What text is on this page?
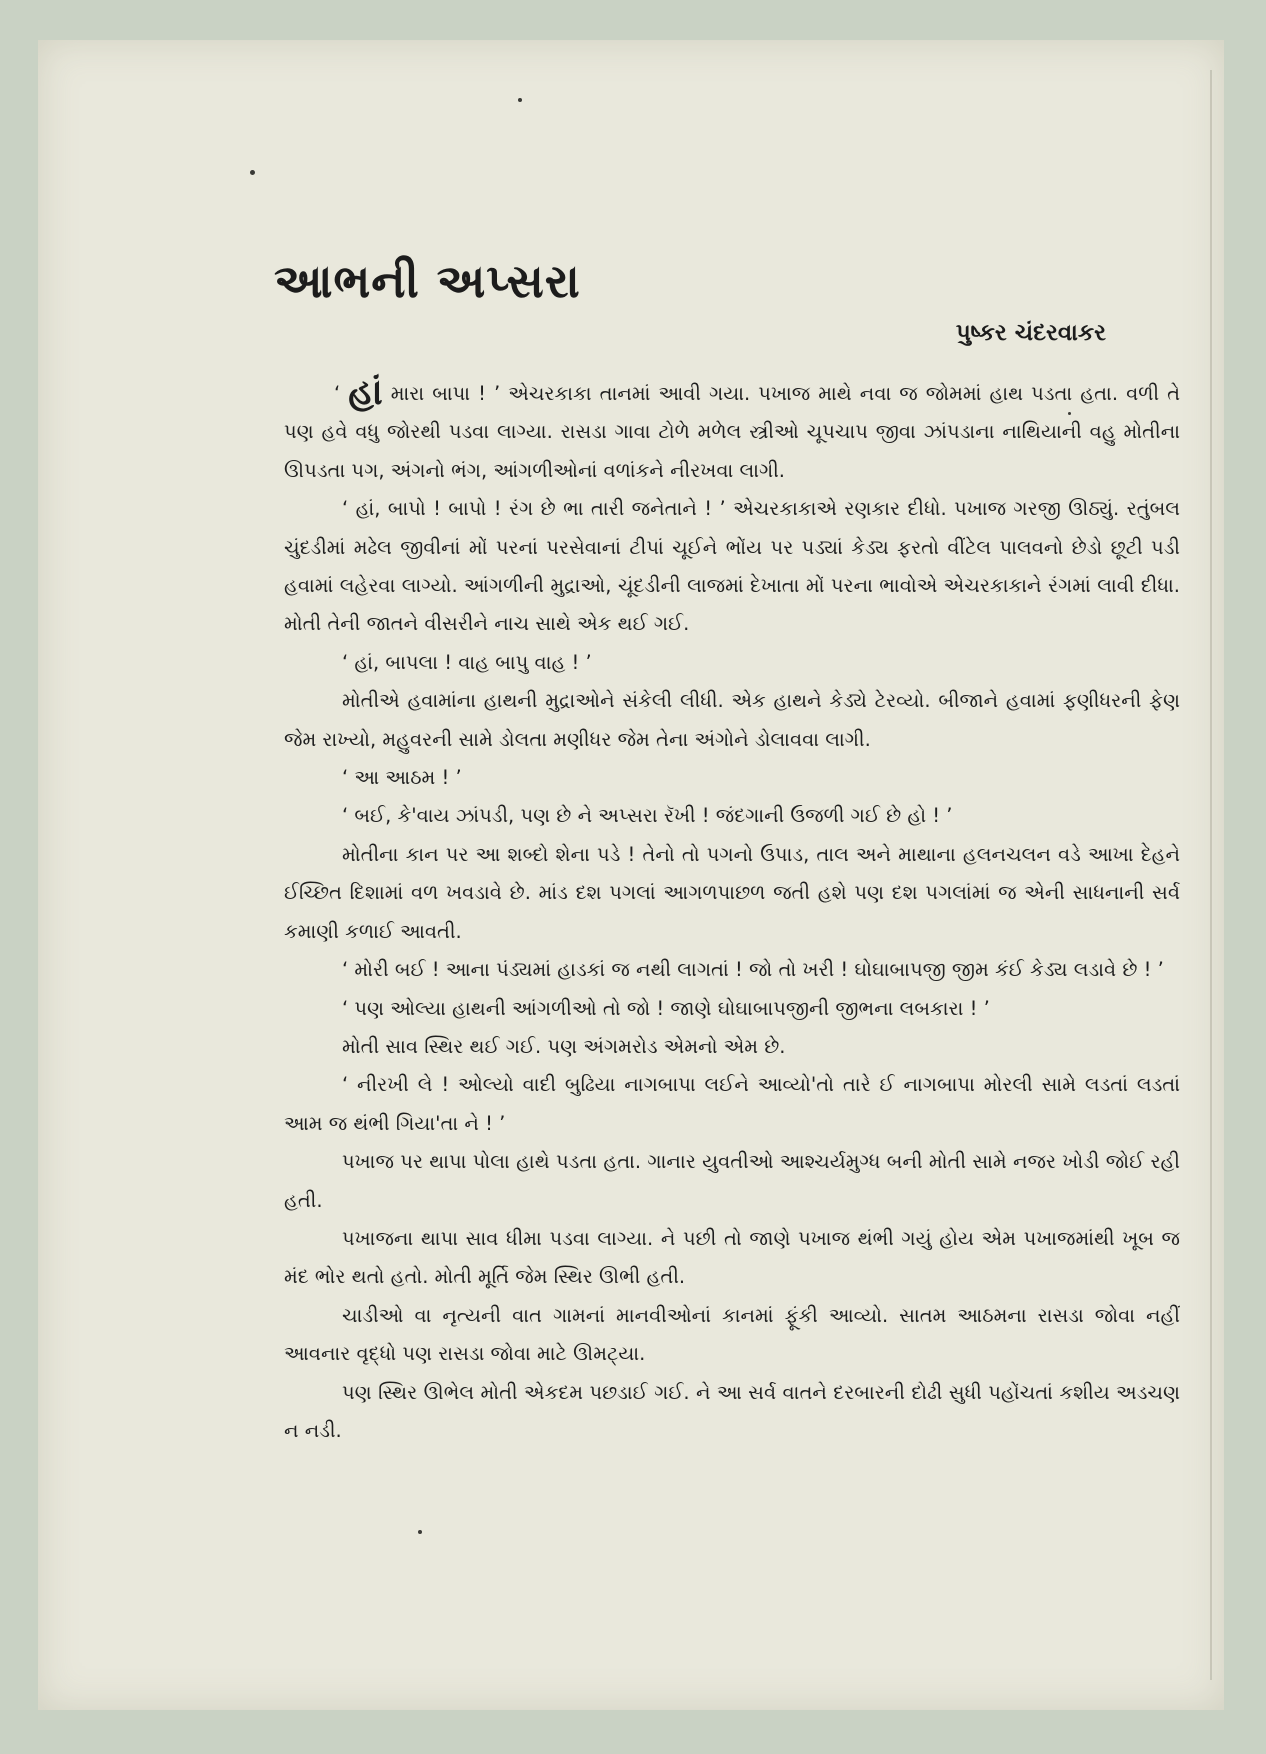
આભની અપ્સરા
પુષ્કર ચંદરવાકર

‘ હાં મારા બાપા ! ’ એચરકાકા તાનમાં આવી ગયા. પખાજ માથે નવા જ જોમમાં હાથ પડતા હતા. વળી તે પણ હવે વધુ જોરથી પડવા લાગ્યા. રાસડા ગાવા ટોળે મળેલ સ્ત્રીઓ ચૂપચાપ જીવા ઝાંપડાના નાથિયાની વહુ મોતીના ઊપડતા પગ, અંગનો ભંગ, આંગળીઓનાં વળાંકને નીરખવા લાગી.

‘ હાં, બાપો ! બાપો ! રંગ છે ભા તારી જનેતાને ! ’ એચરકાકાએ રણકાર દીધો. પખાજ ગરજી ઊઠ્યું. રતુંબલ ચુંદડીમાં મઢેલ જીવીનાં મોં પરનાં પરસેવાનાં ટીપાં ચૂઈને ભોંય પર પડ્યાં કેડ્ય ફરતો વીંટેલ પાલવનો છેડો છૂટી પડી હવામાં લહેરવા લાગ્યો. આંગળીની મુદ્રાઓ, ચૂંદડીની લાજમાં દેખાતા મોં પરના ભાવોએ એચરકાકાને રંગમાં લાવી દીધા. મોતી તેની જાતને વીસરીને નાચ સાથે એક થઈ ગઈ.

‘ હાં, બાપલા ! વાહ બાપુ વાહ ! ’

મોતીએ હવામાંના હાથની મુદ્રાઓને સંકેલી લીધી. એક હાથને કેડ્યે ટેરવ્યો. બીજાને હવામાં ફણીધરની ફેણ જેમ રાખ્યો, મહુવરની સામે ડોલતા મણીધર જેમ તેના અંગોને ડોલાવવા લાગી.

‘ આ આઠમ ! ’

‘ બઈ, કે'વાય ઝાંપડી, પણ છે ને અપ્સરા રૅખી ! જંદગાની ઉજળી ગઈ છે હો ! ’

મોતીના કાન પર આ શબ્દો શેના પડે ! તેનો તો પગનો ઉપાડ, તાલ અને માથાના હલનચલન વડે આખા દેહને ઈચ્છિત દિશામાં વળ ખવડાવે છે. માંડ દશ પગલાં આગળપાછળ જતી હશે પણ દશ પગલાંમાં જ એની સાધનાની સર્વ કમાણી કળાઈ આવતી.

‘ મોરી બઈ ! આના પંડ્યમાં હાડકાં જ નથી લાગતાં ! જો તો ખરી ! ઘોઘાબાપજી જીમ કંઈ કેડ્ય લડાવે છે ! ’

‘ પણ ઓલ્યા હાથની આંગળીઓ તો જો ! જાણે ઘોઘાબાપજીની જીભના લબકારા ! ’

મોતી સાવ સ્થિર થઈ ગઈ. પણ અંગમરોડ એમનો એમ છે.

‘ નીરખી લે ! ઓલ્યો વાદી બુઢિયા નાગબાપા લઈને આવ્યો'તો તારે ઈ નાગબાપા મોરલી સામે લડતાં લડતાં આમ જ થંભી ગિયા'તા ને ! ’

પખાજ પર થાપા પોલા હાથે પડતા હતા. ગાનાર યુવતીઓ આશ્ચર્યમુગ્ધ બની મોતી સામે નજર ખોડી જોઈ રહી હતી.

પખાજના થાપા સાવ ધીમા પડવા લાગ્યા. ને પછી તો જાણે પખાજ થંભી ગયું હોય એમ પખાજમાંથી ખૂબ જ મંદ ભોર થતો હતો. મોતી મૂર્તિ જેમ સ્થિર ઊભી હતી.

ચાડીઓ વા નૃત્યની વાત ગામનાં માનવીઓનાં કાનમાં ફૂંકી આવ્યો. સાતમ આઠમના રાસડા જોવા નહીં આવનાર વૃદ્ધો પણ રાસડા જોવા માટે ઊમટ્યા.

પણ સ્થિર ઊભેલ મોતી એકદમ પછડાઈ ગઈ. ને આ સર્વ વાતને દરબારની દોઢી સુધી પહોંચતાં કશીય અડચણ ન નડી.
